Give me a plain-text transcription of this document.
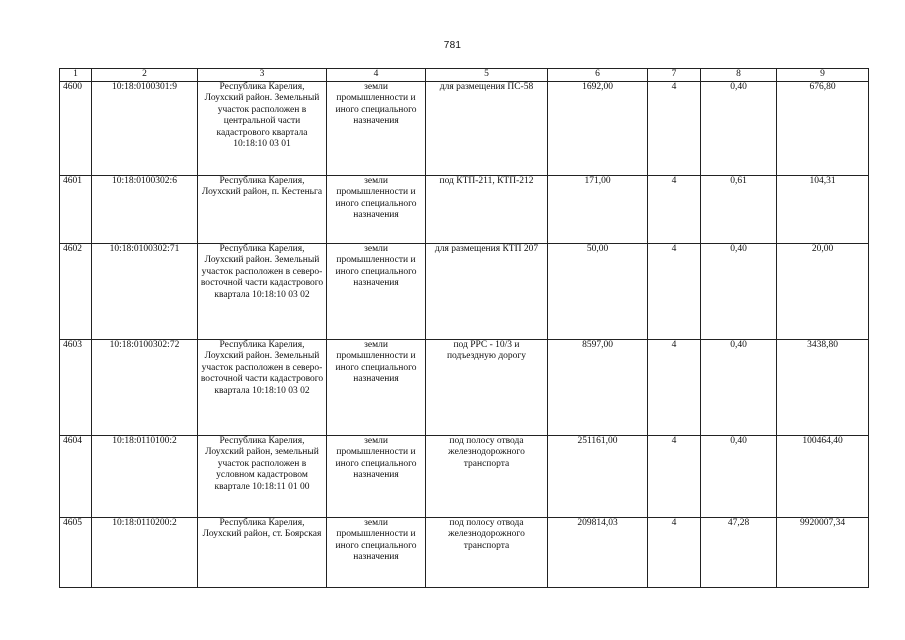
781
1	2	3	4	5	6	7	8	9
4600	10:18:0100301:9	Республика Карелия, Лоухский район. Земельный участок расположен в центральной части кадастрового квартала 10:18:10 03 01	земли промышленности и иного специального назначения	для размещения ПС-58	1692,00	4	0,40	676,80
4601	10:18:0100302:6	Республика Карелия, Лоухский район, п. Кестеньга	земли промышленности и иного специального назначения	под КТП-211, КТП-212	171,00	4	0,61	104,31
4602	10:18:0100302:71	Республика Карелия, Лоухский район. Земельный участок расположен в северо-восточной части кадастрового квартала 10:18:10 03 02	земли промышленности и иного специального назначения	для размещения КТП 207	50,00	4	0,40	20,00
4603	10:18:0100302:72	Республика Карелия, Лоухский район. Земельный участок расположен в северо-восточной части кадастрового квартала 10:18:10 03 02	земли промышленности и иного специального назначения	под РРС - 10/3 и подъездную дорогу	8597,00	4	0,40	3438,80
4604	10:18:0110100:2	Республика Карелия, Лоухский район, земельный участок расположен в условном кадастровом квартале 10:18:11 01 00	земли промышленности и иного специального назначения	под полосу отвода железнодорожного транспорта	251161,00	4	0,40	100464,40
4605	10:18:0110200:2	Республика Карелия, Лоухский район, ст. Боярская	земли промышленности и иного специального назначения	под полосу отвода железнодорожного транспорта	209814,03	4	47,28	9920007,34
